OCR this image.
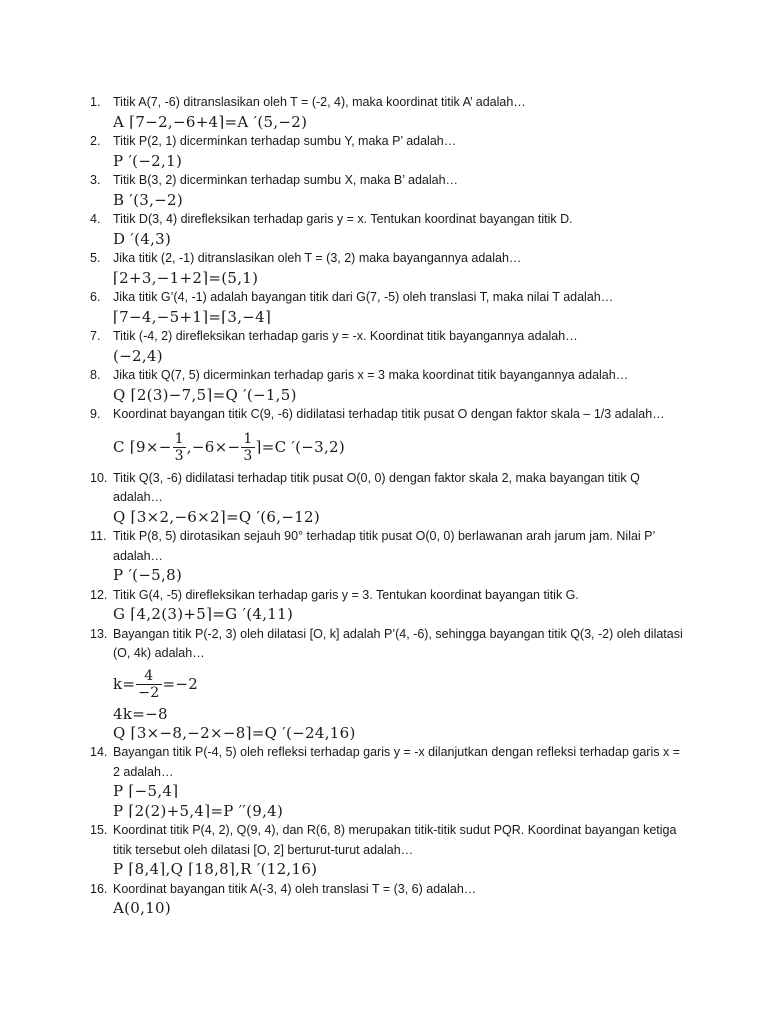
1. Titik A(7, -6) ditranslasikan oleh T = (-2, 4), maka koordinat titik A’ adalah…

A ⌈7−2,−6+4⌉=A ′(5,−2)

2. Titik P(2, 1) dicerminkan terhadap sumbu Y, maka P’ adalah…

P ′(−2,1)

3. Titik B(3, 2) dicerminkan terhadap sumbu X, maka B’ adalah…

B ′(3,−2)

4. Titik D(3, 4) direfleksikan terhadap garis y = x. Tentukan koordinat bayangan titik D.

D ′(4,3)

5. Jika titik (2, -1) ditranslasikan oleh T = (3, 2) maka bayangannya adalah…

⌈2+3,−1+2⌉=(5,1)

6. Jika titik G’(4, -1) adalah bayangan titik dari G(7, -5) oleh translasi T, maka nilai T adalah…

⌈7−4,−5+1⌉=⌈3,−4⌉

7. Titik (-4, 2) direfleksikan terhadap garis y = -x. Koordinat titik bayangannya adalah…

(−2,4)

8. Jika titik Q(7, 5) dicerminkan terhadap garis x = 3 maka koordinat titik bayangannya adalah…

Q ⌈2(3)−7,5⌉=Q ′(−1,5)

9. Koordinat bayangan titik C(9, -6) didilatasi terhadap titik pusat O dengan faktor skala – 1/3 adalah…

C ⌈9×− $\frac{1}{3} ,-6\times- \frac{1}{3}$ ⌉=C ′(−3,2)

10. Titik Q(3, -6) didilatasi terhadap titik pusat O(0, 0) dengan faktor skala 2, maka bayangan titik Q adalah…

Q ⌈3×2,−6×2⌉=Q ′(6,−12)

11. Titik P(8, 5) dirotasikan sejauh 90° terhadap titik pusat O(0, 0) berlawanan arah jarum jam. Nilai P’ adalah…

P ′(−5,8)

12. Titik G(4, -5) direfleksikan terhadap garis y = 3. Tentukan koordinat bayangan titik G.

G ⌈4,2(3)+5⌉=G ′(4,11)

13. Bayangan titik P(-2, 3) oleh dilatasi [O, k] adalah P’(4, -6), sehingga bayangan titik Q(3, -2) oleh dilatasi (O, 4k) adalah…

$k= \frac{4}{-2} =-2$

4k=−8

Q ⌈3×−8,−2×−8⌉=Q ′(−24,16)

14. Bayangan titik P(-4, 5) oleh refleksi terhadap garis y = -x dilanjutkan dengan refleksi terhadap garis x = 2 adalah…

P ⌈−5,4⌉

P ⌈2(2)+5,4⌉=P ′′(9,4)

15. Koordinat titik P(4, 2), Q(9, 4), dan R(6, 8) merupakan titik-titik sudut PQR. Koordinat bayangan ketiga titik tersebut oleh dilatasi [O, 2] berturut-turut adalah…

P ⌈8,4⌉,Q ⌈18,8⌉,R ′(12,16)

16. Koordinat bayangan titik A(-3, 4) oleh translasi T = (3, 6) adalah…

A(0,10)
